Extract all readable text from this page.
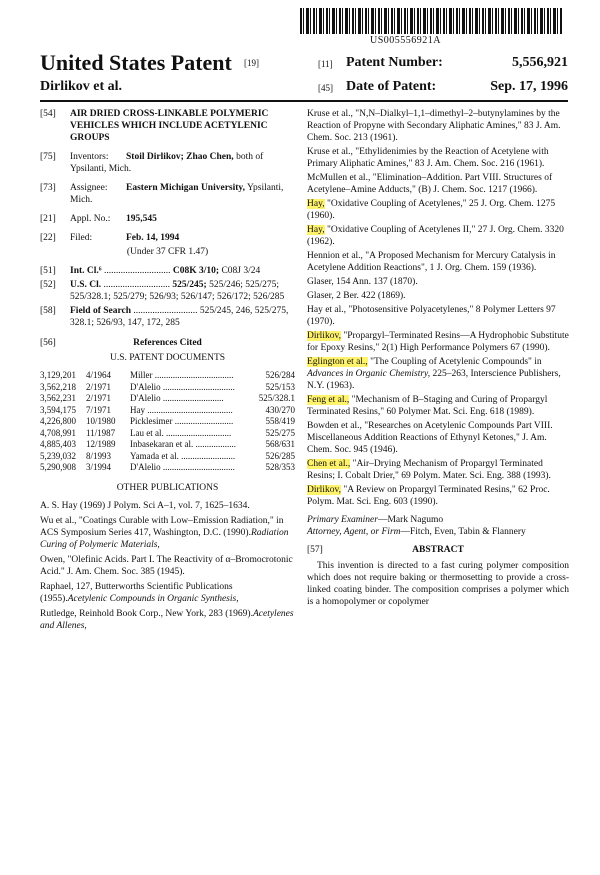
US005556921A
United States Patent [19]
Dirlikov et al.
[11] Patent Number:	5,556,921
[45] Date of Patent:	Sep. 17, 1996
[54]	AIR DRIED CROSS-LINKABLE POLYMERIC VEHICLES WHICH INCLUDE ACETYLENIC GROUPS
[75]	Inventors: Stoil Dirlikov; Zhao Chen, both of Ypsilanti, Mich.
[73]	Assignee: Eastern Michigan University, Ypsilanti, Mich.
[21]	Appl. No.: 195,545
[22]	Filed:	Feb. 14, 1994
(Under 37 CFR 1.47)
[51]	Int. Cl.⁶ ............................ C08K 3/10; C08J 3/24
[52]	U.S. Cl. ............................ 525/245; 525/246; 525/275; 525/328.1; 525/279; 526/93; 526/147; 526/172; 526/285
[58]	Field of Search ........................... 525/245, 246, 525/275, 328.1; 526/93, 147, 172, 285
[56]	References Cited
U.S. PATENT DOCUMENTS
3,129,201	4/1964	Miller ...................................	526/284
3,562,218	2/1971	D'Alelio ................................	525/153
3,562,231	2/1971	D'Alelio ...........................	525/328.1
3,594,175	7/1971	Hay ......................................	430/270
4,226,800	10/1980	Picklesimer ..........................	558/419
4,708,991	11/1987	Lau et al. .............................	525/275
4,885,403	12/1989	Inbasekaran et al. ..................	568/631
5,239,032	8/1993	Yamada et al. ........................	526/285
5,290,908	3/1994	D'Alelio ................................	528/353
OTHER PUBLICATIONS
A. S. Hay (1969) J Polym. Sci A–1, vol. 7, 1625–1634.
Wu et al., "Coatings Curable with Low–Emission Radiation," in ACS Symposium Series 417, Washington, D.C. (1990).Radiation Curing of Polymeric Materials,
Owen, "Olefinic Acids. Part I. The Reactivity of α–Bromocrotonic Acid." J. Am. Chem. Soc. 385 (1945).
Raphael, 127, Butterworths Scientific Publications (1955).Acetylenic Compounds in Organic Synthesis,
Rutledge, Reinhold Book Corp., New York, 283 (1969).Acetylenes and Allenes,
Kruse et al., "N,N–Dialkyl–1,1–dimethyl–2–butynylamines by the Reaction of Propyne with Secondary Aliphatic Amines," 83 J. Am. Chem. Soc. 213 (1961).
Kruse et al., "Ethylidenimies by the Reaction of Acetylene with Primary Aliphatic Amines," 83 J. Am. Chem. Soc. 216 (1961).
McMullen et al., "Elimination–Addition. Part VIII. Structures of Acetylene–Amine Adducts," (B) J. Chem. Soc. 1217 (1966).
Hay, "Oxidative Coupling of Acetylenes," 25 J. Org. Chem. 1275 (1960).
Hay, "Oxidative Coupling of Acetylenes II," 27 J. Org. Chem. 3320 (1962).
Hennion et al., "A Proposed Mechanism for Mercury Catalysis in Acetylene Addition Reactions", 1 J. Org. Chem. 159 (1936).
Glaser, 154 Ann. 137 (1870).
Glaser, 2 Ber. 422 (1869).
Hay et al., "Photosensitive Polyacetylenes," 8 Polymer Letters 97 (1970).
Dirlikov, "Propargyl–Terminated Resins—A Hydrophobic Substitute for Epoxy Resins," 2(1) High Performance Polymers 67 (1990).
Eglington et al., "The Coupling of Acetylenic Compounds" in Advances in Organic Chemistry, 225–263, Interscience Publishers, N.Y. (1963).
Feng et al., "Mechanism of B–Staging and Curing of Propargyl Terminated Resins," 60 Polymer Mat. Sci. Eng. 618 (1989).
Bowden et al., "Researches on Acetylenic Compounds Part VIII. Miscellaneous Addition Reactions of Ethynyl Ketones," J. Am. Chem. Soc. 945 (1946).
Chen et al., "Air–Drying Mechanism of Propargyl Terminated Resins; I. Cobalt Drier," 69 Polym. Mater. Sci. Eng. 388 (1993).
Dirlikov, "A Review on Propargyl Terminated Resins," 62 Proc. Polym. Mat. Sci. Eng. 603 (1990).
Primary Examiner—Mark Nagumo
Attorney, Agent, or Firm—Fitch, Even, Tabin & Flannery
[57]	ABSTRACT
This invention is directed to a fast curing polymer composition which does not require baking or thermosetting to provide a cross-linked coating binder. The composition comprises a polymer which is a homopolymer or copolymer
